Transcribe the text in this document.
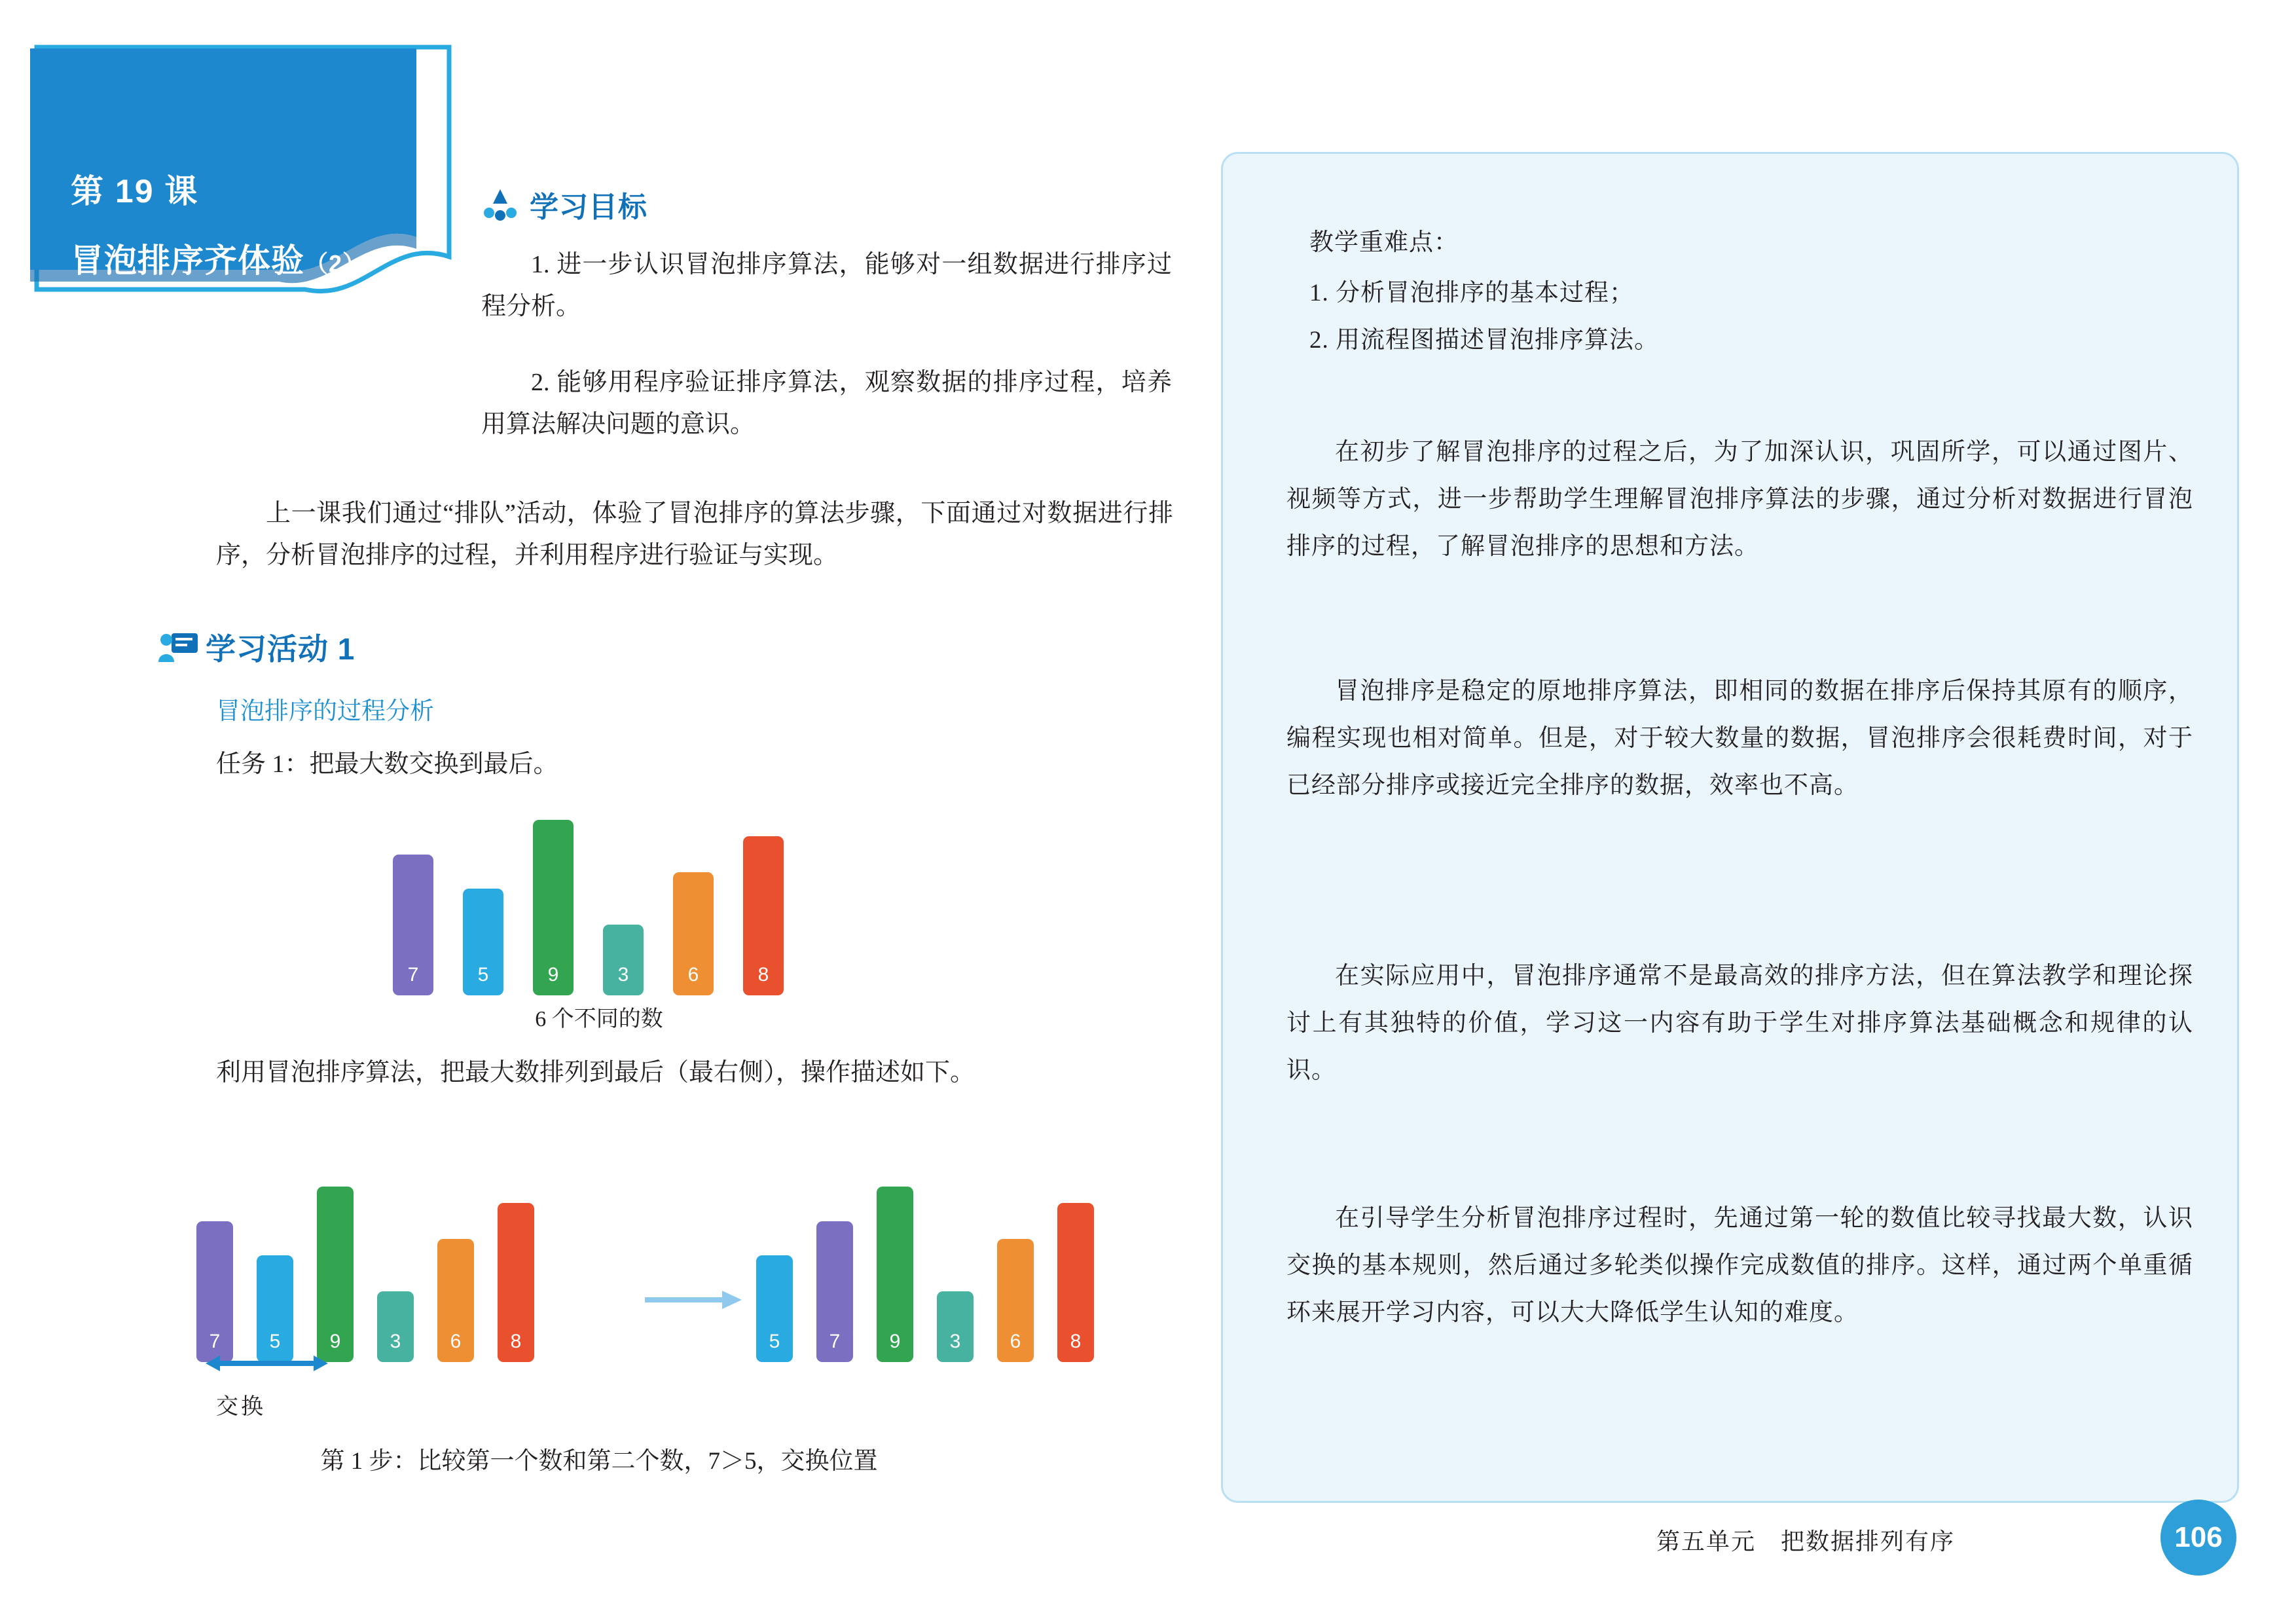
第 19 课
冒泡排序齐体验（2）
学习目标
1. 进一步认识冒泡排序算法，能够对一组数据进行排序过程分析。
2. 能够用程序验证排序算法，观察数据的排序过程，培养用算法解决问题的意识。
上一课我们通过“排队”活动，体验了冒泡排序的算法步骤，下面通过对数据进行排序，分析冒泡排序的过程，并利用程序进行验证与实现。
学习活动 1
冒泡排序的过程分析
任务 1：把最大数交换到最后。
7	5	9	3	6	8
6 个不同的数
利用冒泡排序算法，把最大数排列到最后（最右侧），操作描述如下。
7	5	9	3	6	8
交换
5	7	9	3	6	8
第 1 步：比较第一个数和第二个数，7＞5，交换位置
教学重难点：
1. 分析冒泡排序的基本过程；
2. 用流程图描述冒泡排序算法。
在初步了解冒泡排序的过程之后，为了加深认识，巩固所学，可以通过图片、视频等方式，进一步帮助学生理解冒泡排序算法的步骤，通过分析对数据进行冒泡排序的过程，了解冒泡排序的思想和方法。
冒泡排序是稳定的原地排序算法，即相同的数据在排序后保持其原有的顺序，编程实现也相对简单。但是，对于较大数量的数据，冒泡排序会很耗费时间，对于已经部分排序或接近完全排序的数据，效率也不高。
在实际应用中，冒泡排序通常不是最高效的排序方法，但在算法教学和理论探讨上有其独特的价值，学习这一内容有助于学生对排序算法基础概念和规律的认识。
在引导学生分析冒泡排序过程时，先通过第一轮的数值比较寻找最大数，认识交换的基本规则，然后通过多轮类似操作完成数值的排序。这样，通过两个单重循环来展开学习内容，可以大大降低学生认知的难度。
第五单元　把数据排列有序	106
